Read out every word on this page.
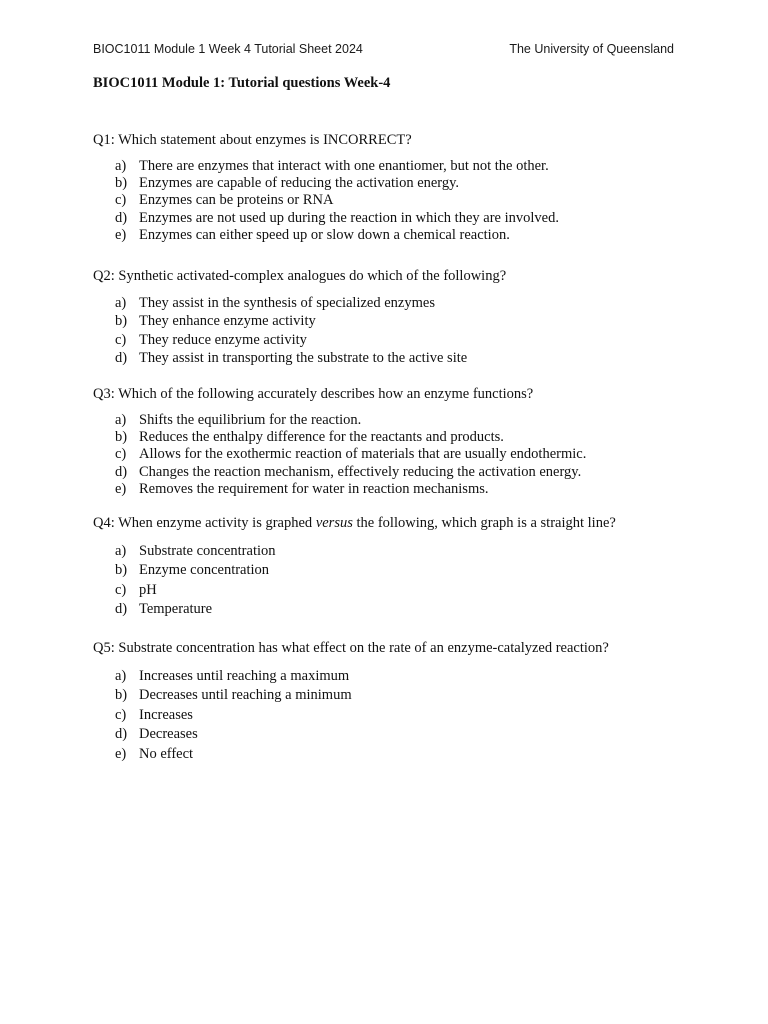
BIOC1011 Module 1 Week 4 Tutorial Sheet 2024	The University of Queensland
BIOC1011 Module 1: Tutorial questions Week-4
Q1: Which statement about enzymes is INCORRECT?
a) There are enzymes that interact with one enantiomer, but not the other.
b) Enzymes are capable of reducing the activation energy.
c) Enzymes can be proteins or RNA
d) Enzymes are not used up during the reaction in which they are involved.
e) Enzymes can either speed up or slow down a chemical reaction.
Q2: Synthetic activated-complex analogues do which of the following?
a) They assist in the synthesis of specialized enzymes
b) They enhance enzyme activity
c) They reduce enzyme activity
d) They assist in transporting the substrate to the active site
Q3: Which of the following accurately describes how an enzyme functions?
a) Shifts the equilibrium for the reaction.
b) Reduces the enthalpy difference for the reactants and products.
c) Allows for the exothermic reaction of materials that are usually endothermic.
d) Changes the reaction mechanism, effectively reducing the activation energy.
e) Removes the requirement for water in reaction mechanisms.
Q4: When enzyme activity is graphed versus the following, which graph is a straight line?
a) Substrate concentration
b) Enzyme concentration
c) pH
d) Temperature
Q5: Substrate concentration has what effect on the rate of an enzyme-catalyzed reaction?
a) Increases until reaching a maximum
b) Decreases until reaching a minimum
c) Increases
d) Decreases
e) No effect
